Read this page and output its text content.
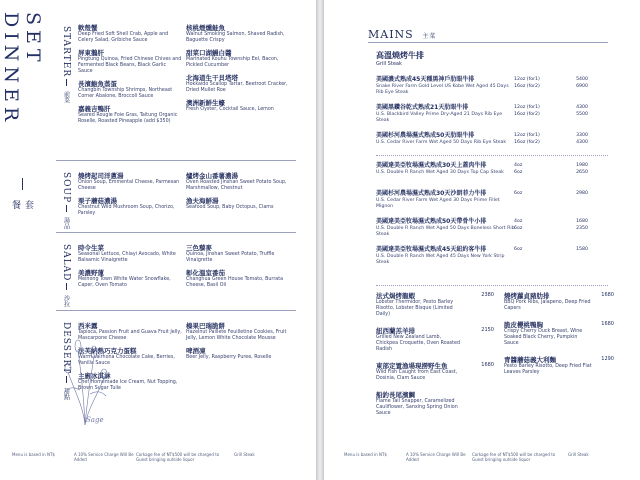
SET DINNER
套餐
STARTER
前菜
SOUP
湯品
SALAD
沙拉
DESSERT
甜點
軟殼蟹
Deep Fried Soft Shell Crab, Apple and Celery Salad, Gribiche Sauce
屏東鵝肝
Pingtung Quinoa, Fried Chinese Chives and Fermented Black Beans, Black Garlic Sauce
長濱鮑魚蒸蛋
Changbin Township Shrimps, Northeast Corner Abalone, Broccoli Sauce
嘉義吉鴨肝
Seared Rougie Foie Gras, Taitung Organic Roselle, Roasted Pineapple (add $350)
核桃煙燻鮭魚
Walnut Smoking Salmon, Shaved Radish, Baguette Crispy
甜菜口湖鰻白醬
Marinated Kouhu Township Eel, Bacon, Pickled Cucumber
北海道生干貝塔塔
Hokkaido Scallop Tartar, Beetroot Cracker, Dried Mullet Roe
澳洲新鮮生蠔
Fresh Oyster, Cocktail Sauce, Lemon
燒烤起司洋蔥湯
Onion Soup, Emmental Cheese, Parmesan Cheese
栗子蘑菇濃湯
Chestnut Wild Mushroom Soup, Chorizo, Parsley
爐烤金山番薯濃湯
Oven Roasted Jinshan Sweet Potato Soup, Marshmallow, Chestnut
漁夫海鮮湯
Seafood Soup, Baby Octopus, Clams
時令生菜
Seasonal Lettuce, Chiayi Avocado, White Balsamic Vinaigrette
美濃野蓮
Meinong Town White Water Snowflake, Caper, Oven Tomato
三色藜麥
Quinoa, Jinshan Sweet Potato, Truffle Vinaigrette
彰化溫室番茄
Changhua Green House Tomato, Burrata Cheese, Basil Oil
西米露
Tapioca, Passion Fruit and Guava Fruit Jelly, Mascarpone Cheese
法芙納熱巧克力蛋糕
Warm Valrhona Chocolate Cake, Berries, Vanilla Sauce
主廚冰淇淋
Chef Homemade Ice Cream, Nut Topping, Brown Sugar Tuile
榛果巴瑞脆餅
Hazelnut Paillete Feuilletine Cookies, Fruit Jelly, Lemon White Chocolate Mousse
啤酒凍
Beer Jelly, Raspberry Puree, Roselle
Sage
Menu is based in NT$	A 10% Service Charge Will Be Added
Corkage fee of NT$500 will be charged to Guest bringing outside liquor
Grill Steak
MAINS 主菜
高溫燒烤牛排
Grill Steak
美國濃式熟成45天種黑神戶肋眼牛排
Snake River Farm Gold Level US Kobe Wet Aged 45 Days Rib Eye Steak
12oz (for1)	5400
16oz (for2)	6900
美國黑鑽谷乾式熟成21天肋眼牛排
U.S. Blackbird Valley Prime Dry-Aged 21 Days Rib Eye Steak
12oz (for1)	4300
16oz (for2)	5500
美國杉河農場濕式熟成50天肋眼牛排
U.S. Cedar River Farm Wet Aged 50 Days Rib Eye Steak
12oz (for1)	3300
16oz (for2)	4300
美國達美亞牧場濕式熟成30天上蓋肉牛排
U.S. Double R Ranch Wet Aged 30 Days Top Cap Steak
4oz	1980
6oz	2650
美國杉河農場濕式熟成30天沙朗菲力牛排
U.S. Cedar River Farm Wet Aged 30 Days Prime Fillet Mignon
6oz	2980
美國達美亞牧場濕式熟成50天帶骨牛小排
U.S. Double R Ranch Wet Aged 50 Days Boneless Short Rib Steak
4oz	1680
6oz	2350
美國達美亞牧場濕式熟成45天紐約客牛排
U.S. Double R Ranch Wet Aged 45 Days New York Strip Steak
6oz	1580
法式焗烤龍蝦
Lobster Thermidor, Pesto Barley Risotto, Lobster Bisque (Limited Daily)
2380
紐西蘭羔羊排
Grilled New Zealand Lamb, Chickpea Croquette, Oven Roasted Radish
2150
東部定置漁場現撈野生魚
Wild Fish Caught from East Coast, Dosinia, Clam Sauce
1680
船釣長尾濱鯛
Flame Tail Snapper, Caramelized Cauliflower, Sanxing Spring Onion Sauce
燒烤蘿貞豬肋排
BBQ Pork Ribs, Jalapeno, Deep Fried Capers
1680
脆皮櫻桃鴨胸
Crispy Cherry Duck Breast, Wine Soaked Black Cherry, Pumpkin Sauce
1680
青醬蘑菇義大利麵
Pesto Barley Risotto, Deep Fried Flat Leaves Parsley
1290
Menu is based in NT$	A 10% Service Charge Will Be Added
Corkage fee of NT$500 will be charged to Guest bringing outside liquor
Grill Steak
